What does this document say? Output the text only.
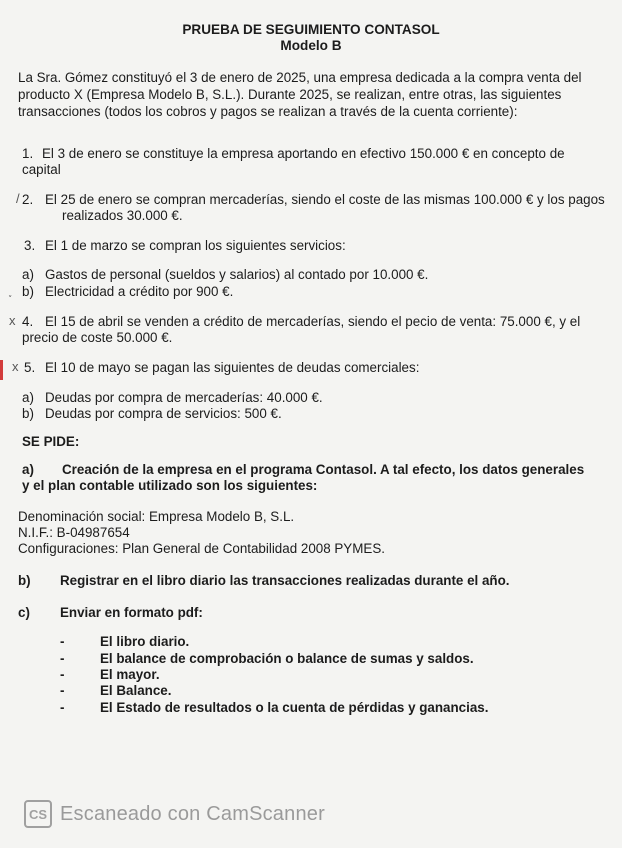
PRUEBA DE SEGUIMIENTO CONTASOL
Modelo B
La Sra. Gómez constituyó el 3 de enero de 2025, una empresa dedicada a la compra venta del
producto X (Empresa Modelo B, S.L.). Durante 2025, se realizan, entre otras, las siguientes
transacciones (todos los cobros y pagos se realizan a través de la cuenta corriente):
1. El 3 de enero se constituye la empresa aportando en efectivo 150.000 € en concepto de
capital
/ 2. El 25 de enero se compran mercaderías, siendo el coste de las mismas 100.000 € y los pagos
realizados 30.000 €.
3. El 1 de marzo se compran los siguientes servicios:
a) Gastos de personal (sueldos y salarios) al contado por 10.000 €.
˯ b) Electricidad a crédito por 900 €.
x 4. El 15 de abril se venden a crédito de mercaderías, siendo el pecio de venta: 75.000 €, y el
precio de coste 50.000 €.
x 5. El 10 de mayo se pagan las siguientes de deudas comerciales:
a) Deudas por compra de mercaderías: 40.000 €.
b) Deudas por compra de servicios: 500 €.
SE PIDE:
a) Creación de la empresa en el programa Contasol. A tal efecto, los datos generales
y el plan contable utilizado son los siguientes:
Denominación social: Empresa Modelo B, S.L.
N.I.F.: B-04987654
Configuraciones: Plan General de Contabilidad 2008 PYMES.
b) Registrar en el libro diario las transacciones realizadas durante el año.
c) Enviar en formato pdf:
-	El libro diario.
-	El balance de comprobación o balance de sumas y saldos.
-	El mayor.
-	El Balance.
-	El Estado de resultados o la cuenta de pérdidas y ganancias.
CS Escaneado con CamScanner
